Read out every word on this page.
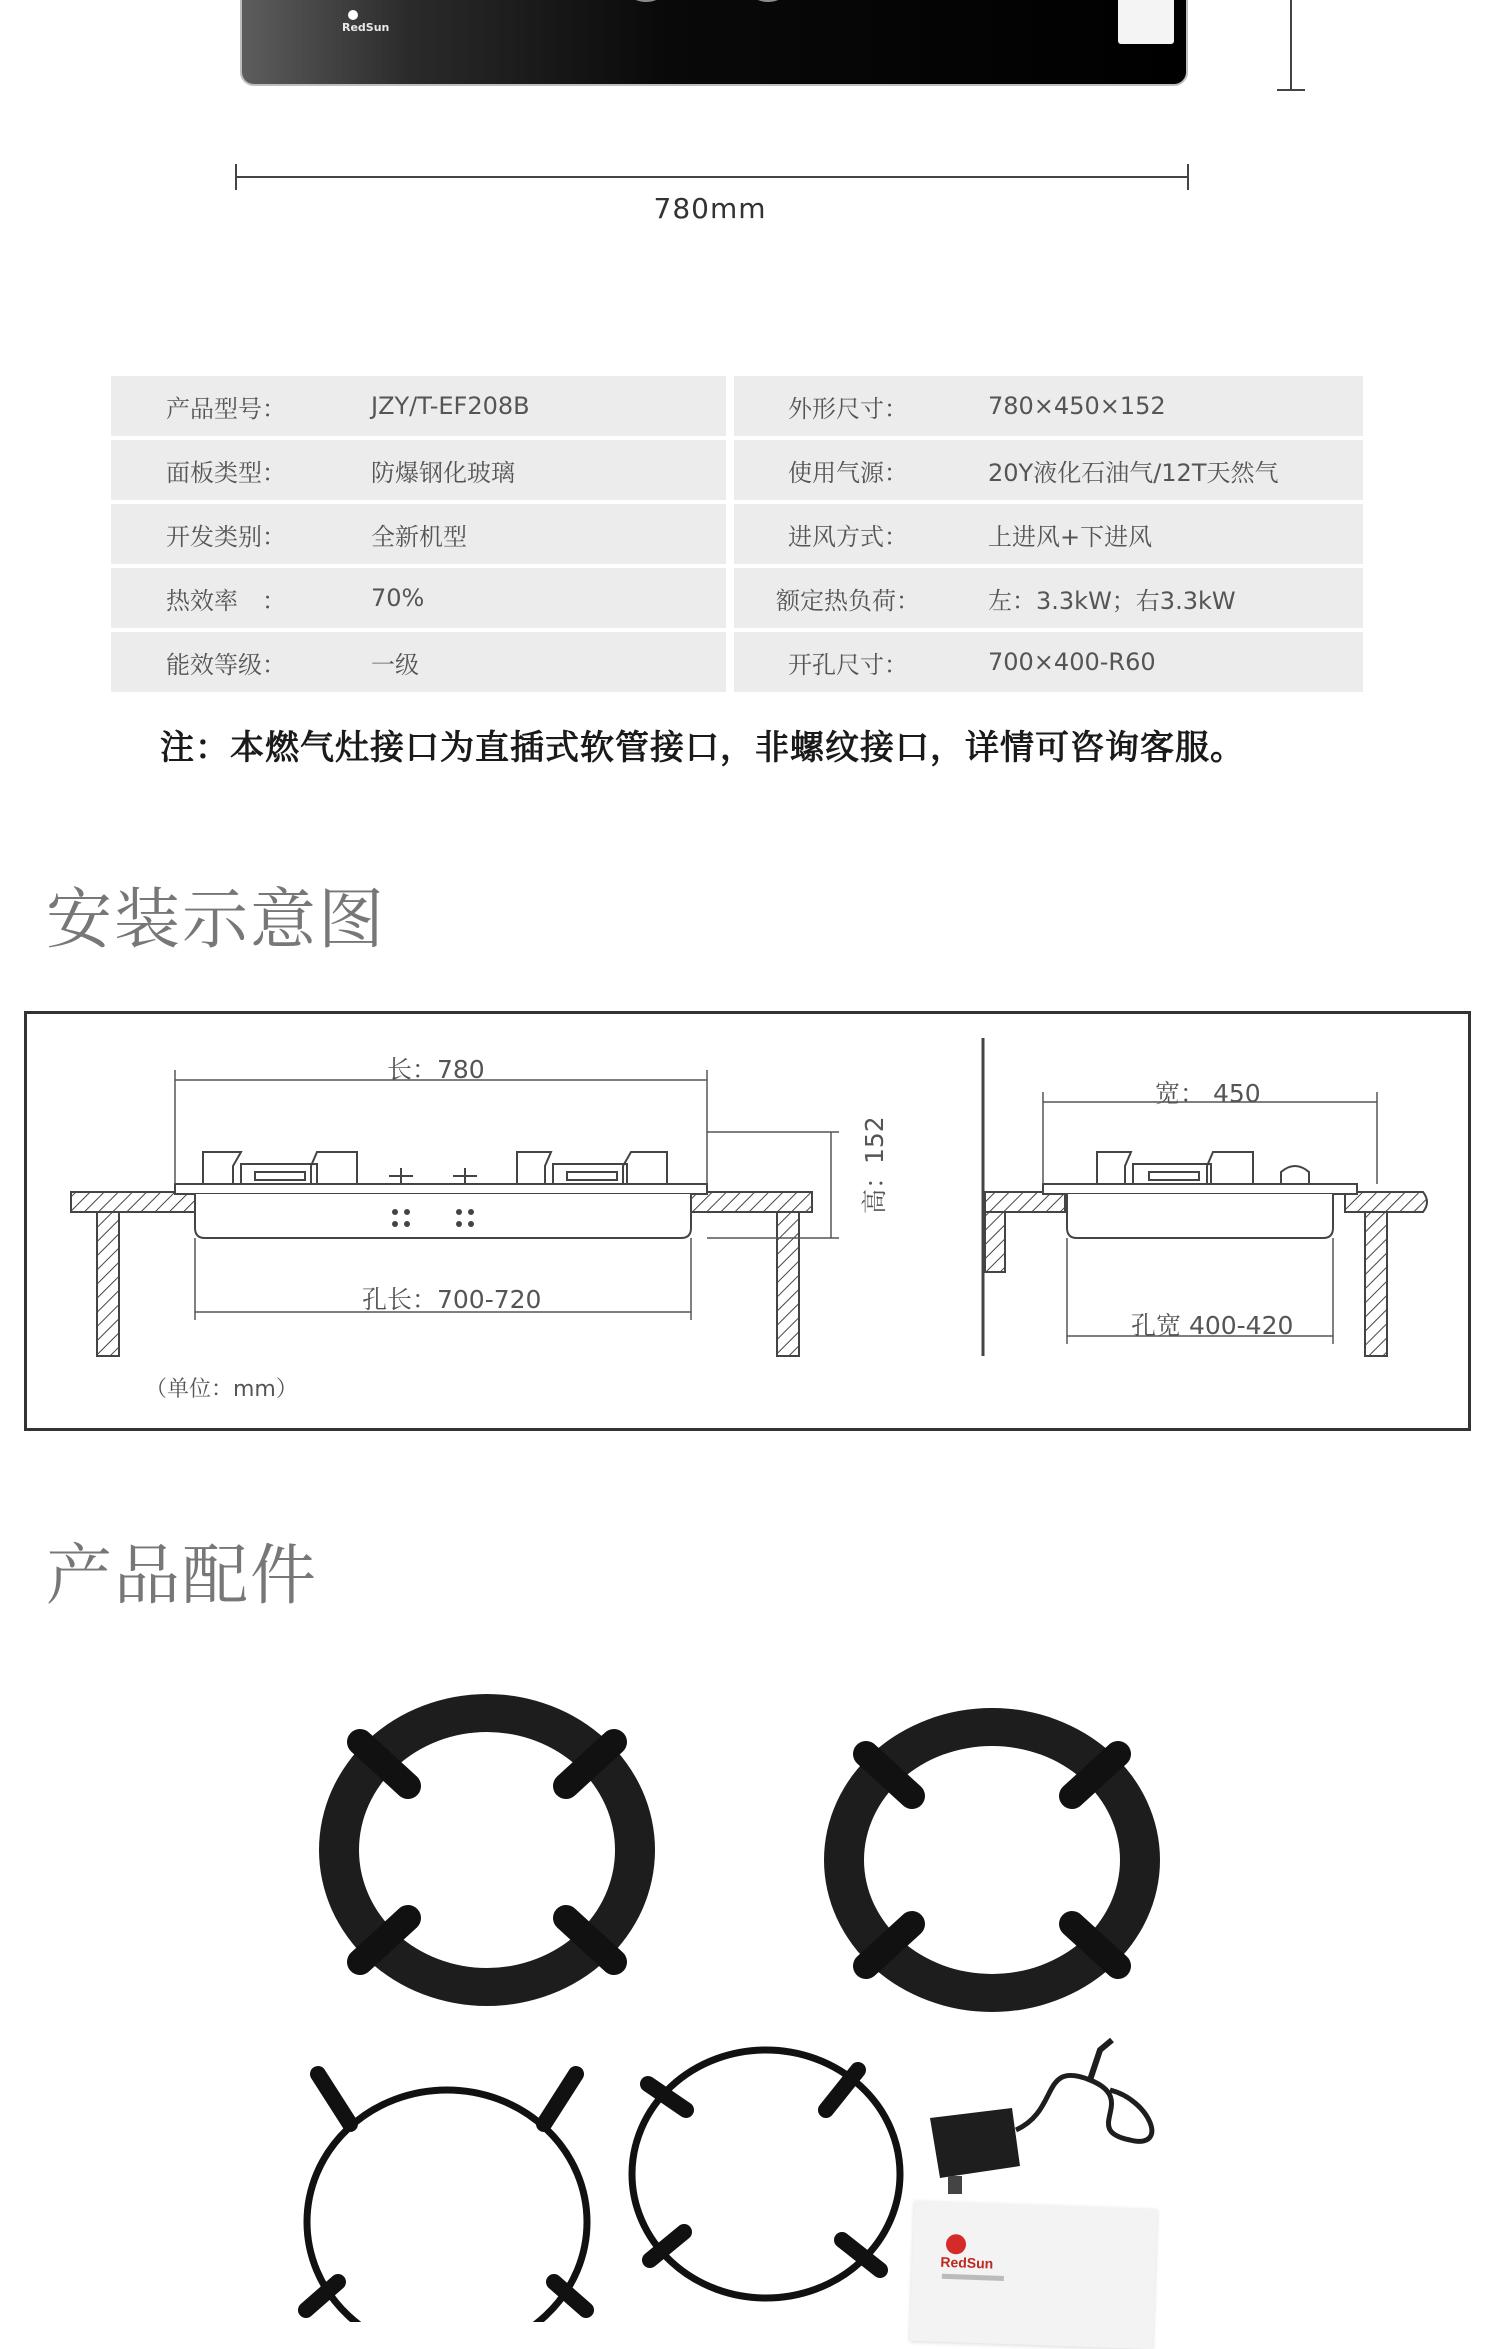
RedSun
780mm
产品型号：	JZY/T-EF208B		外形尺寸：	780×450×152
面板类型：	防爆钢化玻璃		使用气源：	20Y液化石油气/12T天然气
开发类别：	全新机型		进风方式：	上进风+下进风
热效率　：	70%		额定热负荷：	左：3.3kW；右3.3kW
能效等级：	一级		开孔尺寸：	700×400-R60
注：本燃气灶接口为直插式软管接口，非螺纹接口，详情可咨询客服。
安装示意图
长：780
高：152
孔长：700-720
宽： 450
孔宽 400-420
（单位：mm）
产品配件
RedSun
